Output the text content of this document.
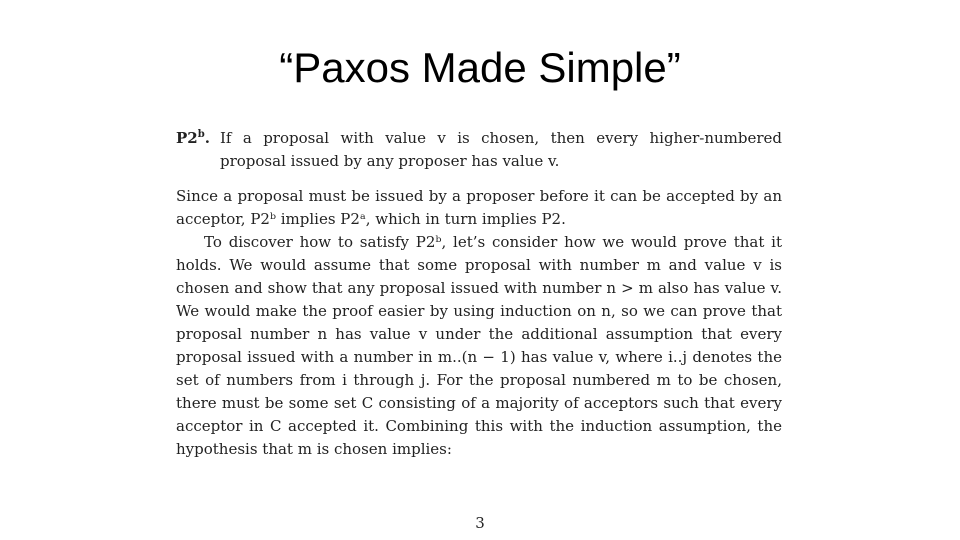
“Paxos Made Simple”
P2$^b$. If a proposal with value v is chosen, then every higher-numbered proposal issued by any proposer has value v.

Since a proposal must be issued by a proposer before it can be accepted by an acceptor, P2ᵇ implies P2ᵃ, which in turn implies P2.

To discover how to satisfy P2ᵇ, let’s consider how we would prove that it holds. We would assume that some proposal with number m and value v is chosen and show that any proposal issued with number n > m also has value v. We would make the proof easier by using induction on n, so we can prove that proposal number n has value v under the additional assumption that every proposal issued with a number in m..(n − 1) has value v, where i..j denotes the set of numbers from i through j. For the proposal numbered m to be chosen, there must be some set C consisting of a majority of acceptors such that every acceptor in C accepted it. Combining this with the induction assumption, the hypothesis that m is chosen implies:

3
